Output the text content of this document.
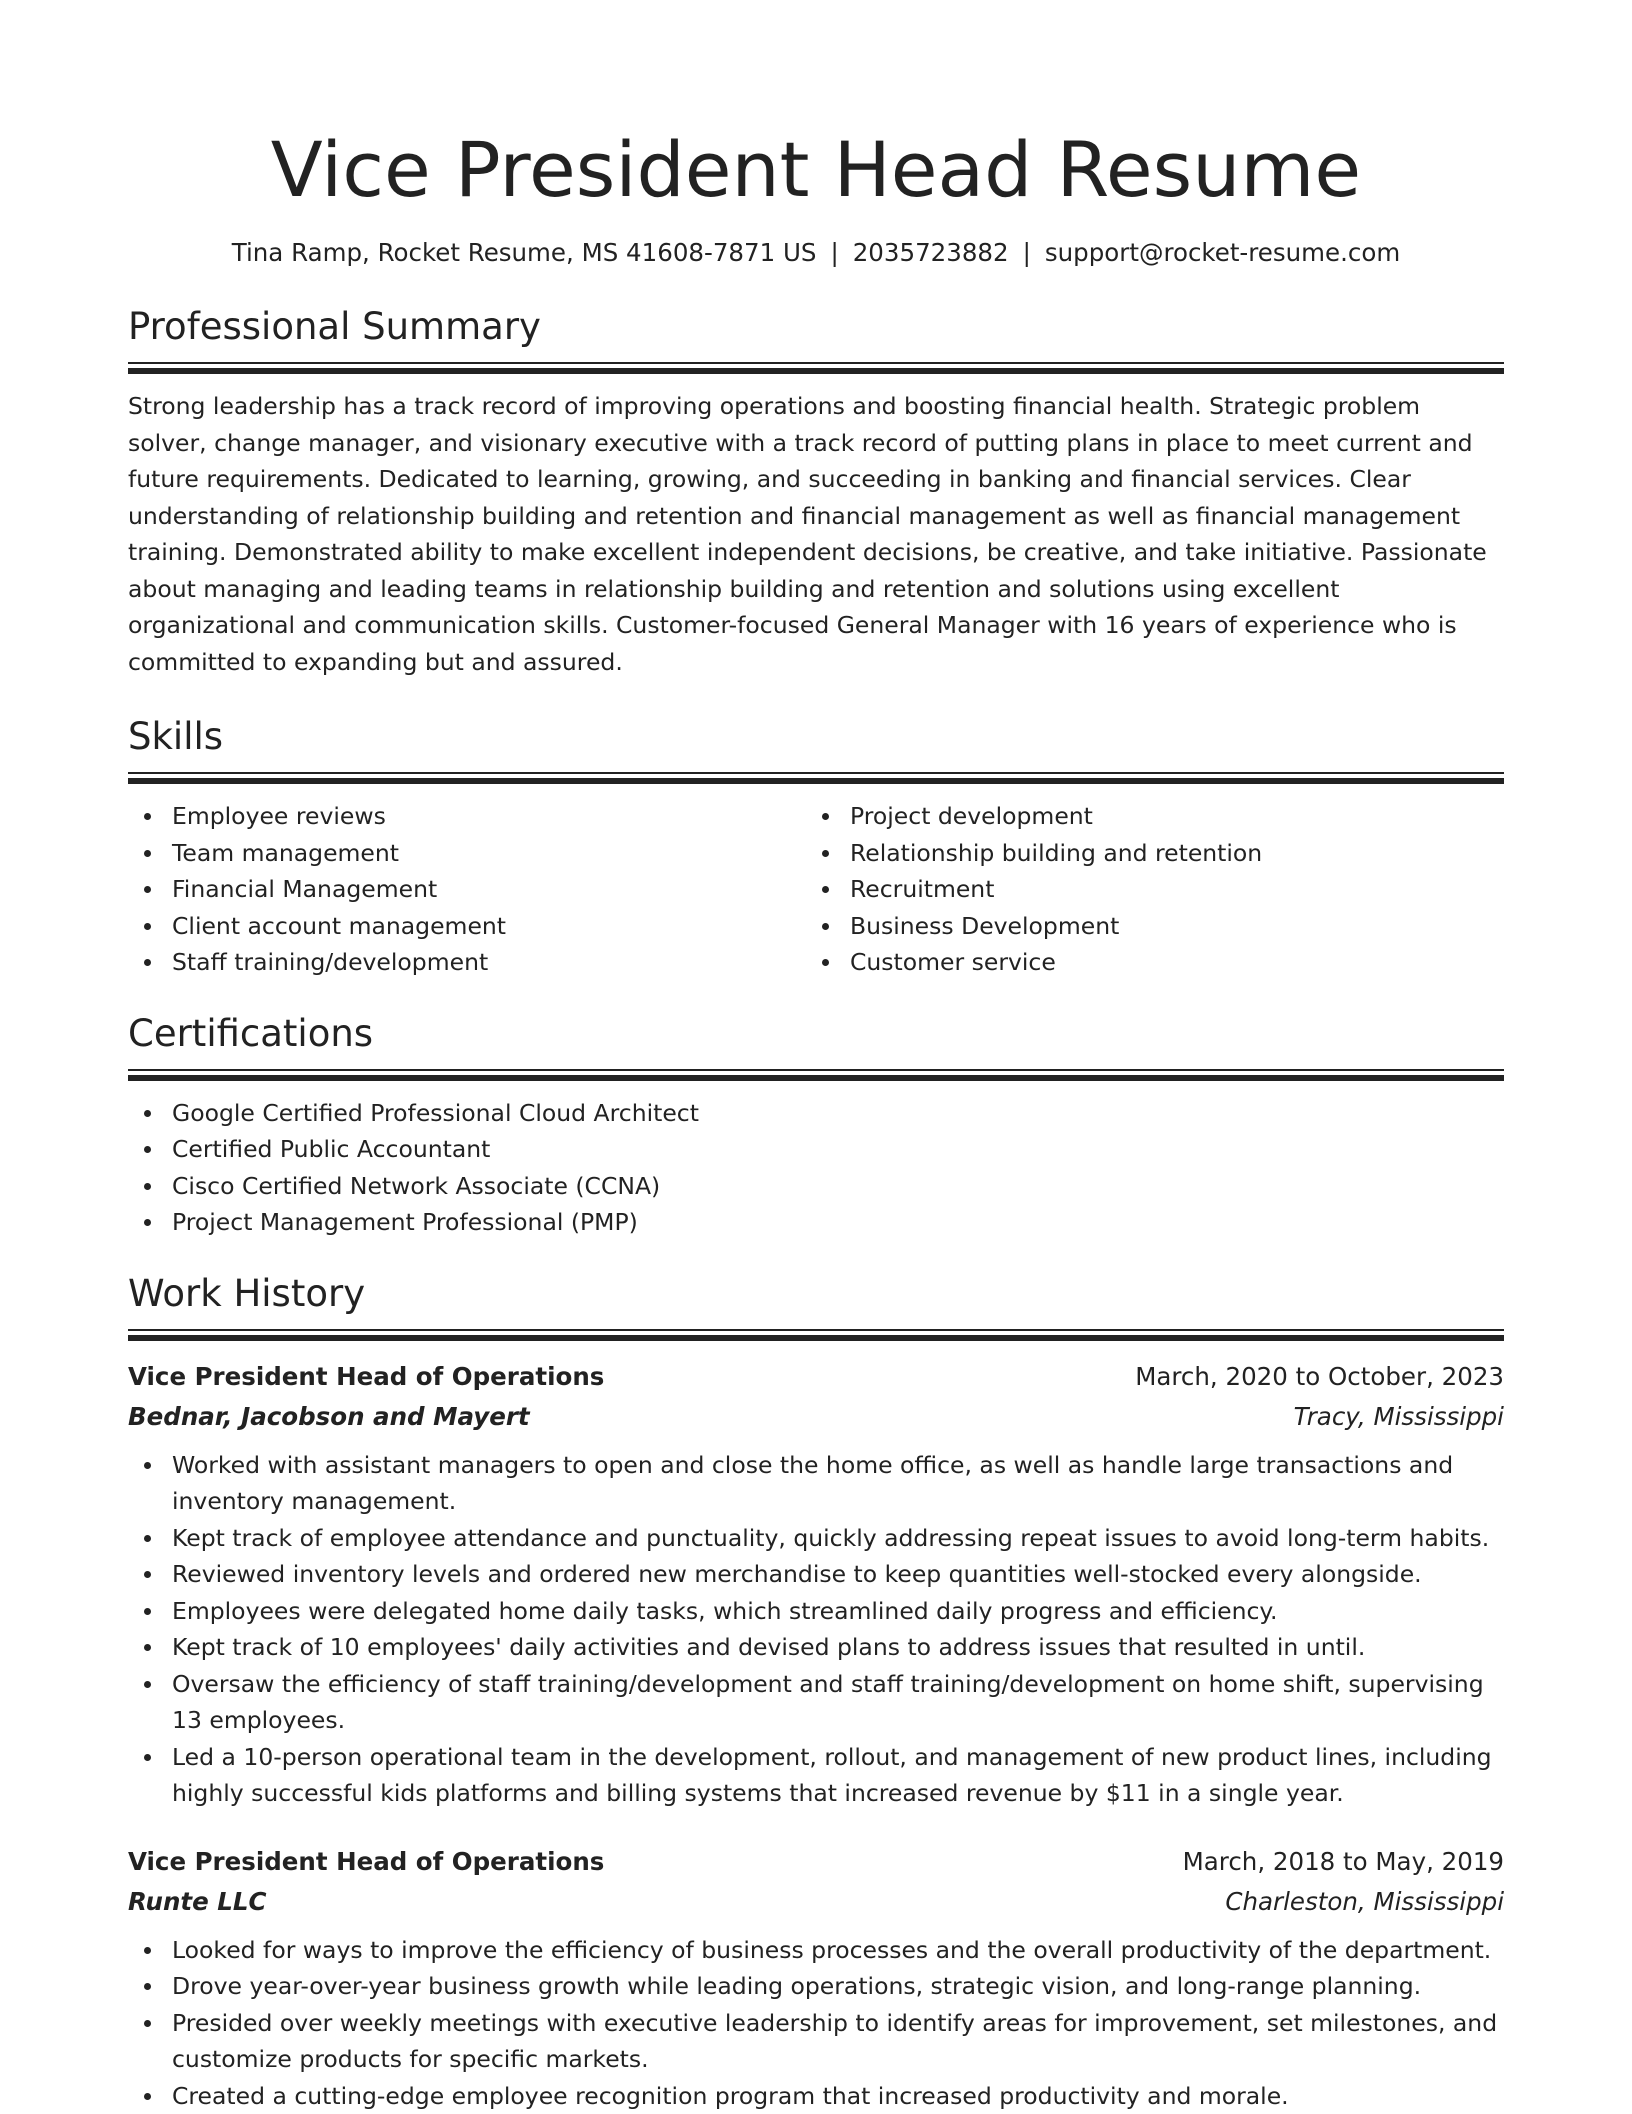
Vice President Head Resume
Tina Ramp, Rocket Resume, MS 41608-7871 US | 2035723882 | support@rocket-resume.com
Professional Summary

Strong leadership has a track record of improving operations and boosting financial health. Strategic problem solver, change manager, and visionary executive with a track record of putting plans in place to meet current and future requirements. Dedicated to learning, growing, and succeeding in banking and financial services. Clear understanding of relationship building and retention and financial management as well as financial management training. Demonstrated ability to make excellent independent decisions, be creative, and take initiative. Passionate about managing and leading teams in relationship building and retention and solutions using excellent organizational and communication skills. Customer-focused General Manager with 16 years of experience who is committed to expanding but and assured.

Skills
Employee reviews
Team management
Financial Management
Client account management
Staff training/development
Project development
Relationship building and retention
Recruitment
Business Development
Customer service
Certifications
Google Certified Professional Cloud Architect
Certified Public Accountant
Cisco Certified Network Associate (CCNA)
Project Management Professional (PMP)
Work History
Vice President Head of Operations	March, 2020 to October, 2023
Bednar, Jacobson and Mayert	Tracy, Mississippi
Worked with assistant managers to open and close the home office, as well as handle large transactions and inventory management.
Kept track of employee attendance and punctuality, quickly addressing repeat issues to avoid long-term habits.
Reviewed inventory levels and ordered new merchandise to keep quantities well-stocked every alongside.
Employees were delegated home daily tasks, which streamlined daily progress and efficiency.
Kept track of 10 employees' daily activities and devised plans to address issues that resulted in until.
Oversaw the efficiency of staff training/development and staff training/development on home shift, supervising 13 employees.
Led a 10-person operational team in the development, rollout, and management of new product lines, including highly successful kids platforms and billing systems that increased revenue by $11 in a single year.
Vice President Head of Operations	March, 2018 to May, 2019
Runte LLC	Charleston, Mississippi
Looked for ways to improve the efficiency of business processes and the overall productivity of the department.
Drove year-over-year business growth while leading operations, strategic vision, and long-range planning.
Presided over weekly meetings with executive leadership to identify areas for improvement, set milestones, and customize products for specific markets.
Created a cutting-edge employee recognition program that increased productivity and morale.
